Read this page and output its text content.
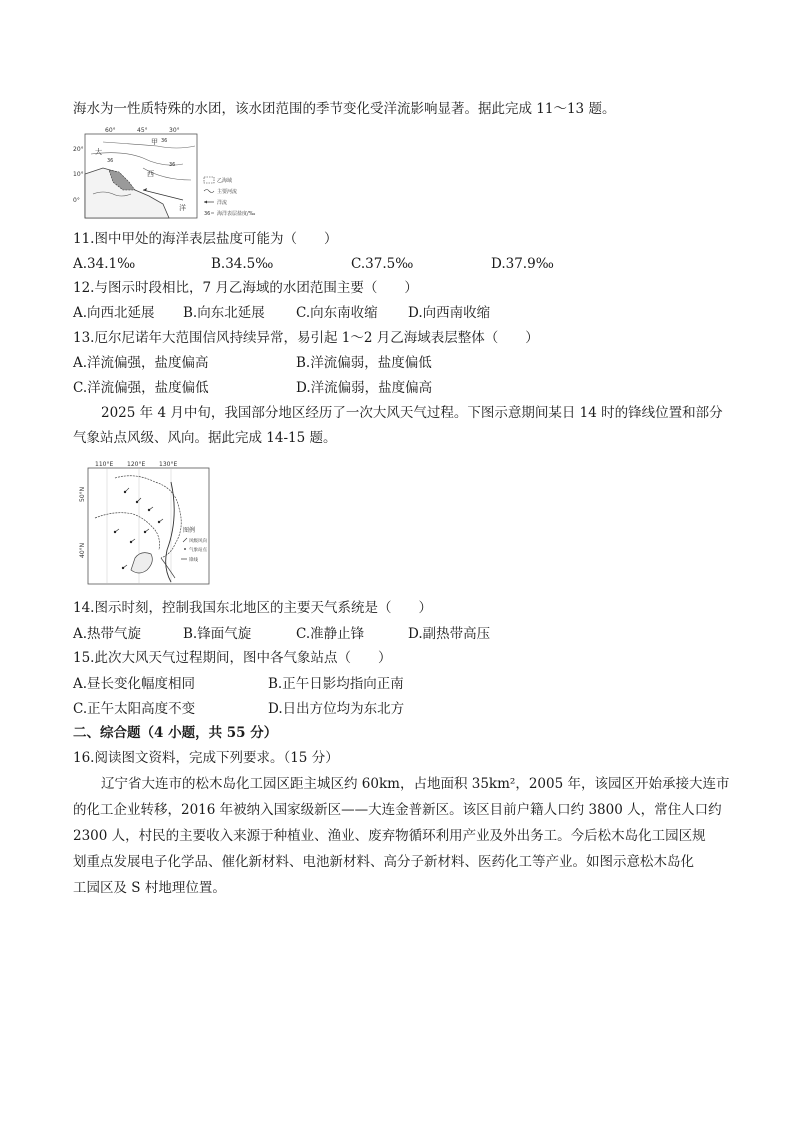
海水为一性质特殊的水团，该水团范围的季节变化受洋流影响显著。据此完成 11～13 题。
60°	45°	30°
20°
10°
0°
甲
大
西
洋
36
36
36
乙海域
主要河流
洋流
36 海洋表层盐度/‰
11.图中甲处的海洋表层盐度可能为（　　）
A.34.1‰	B.34.5‰	C.37.5‰	D.37.9‰
12.与图示时段相比，7 月乙海域的水团范围主要（　　）
A.向西北延展 B.向东北延展 C.向东南收缩 D.向西南收缩
13.厄尔尼诺年大范围信风持续异常，易引起 1～2 月乙海域表层整体（　　）
A.洋流偏强，盐度偏高	B.洋流偏弱，盐度偏低
C.洋流偏强，盐度偏低	D.洋流偏弱，盐度偏高
2025 年 4 月中旬，我国部分地区经历了一次大风天气过程。下图示意期间某日 14 时的锋线位置和部分
气象站点风级、风向。据此完成 14-15 题。
110°E 120°E 130°E
50°N
40°N
图例
风级风向
气象站点
锋线
14.图示时刻，控制我国东北地区的主要天气系统是（　　）
A.热带气旋	B.锋面气旋	C.准静止锋	D.副热带高压
15.此次大风天气过程期间，图中各气象站点（　　）
A.昼长变化幅度相同	B.正午日影均指向正南
C.正午太阳高度不变	D.日出方位均为东北方
二、综合题（4 小题，共 55 分）
16.阅读图文资料，完成下列要求。（15 分）
辽宁省大连市的松木岛化工园区距主城区约 60km，占地面积 35km²，2005 年，该园区开始承接大连市
的化工企业转移，2016 年被纳入国家级新区——大连金普新区。该区目前户籍人口约 3800 人，常住人口约
2300 人，村民的主要收入来源于种植业、渔业、废弃物循环利用产业及外出务工。今后松木岛化工园区规
划重点发展电子化学品、催化新材料、电池新材料、高分子新材料、医药化工等产业。如图示意松木岛化
工园区及 S 村地理位置。
